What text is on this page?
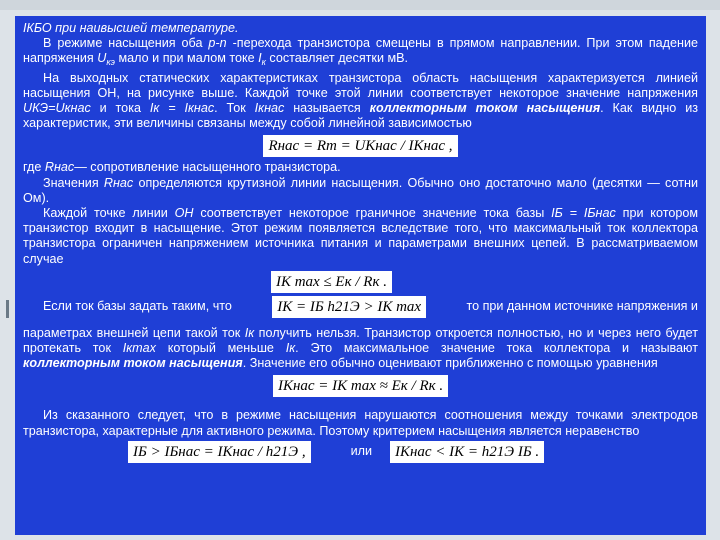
IКБО при наивысшей температуре.

В режиме насыщения оба p-n -перехода транзистора смещены в прямом направлении. При этом падение напряжения $U_{кэ}$ мало и при малом токе $I_к$ составляет десятки мВ.

На выходных статических характеристиках транзистора область насыщения характеризуется линией насыщения ОН, на рисунке выше. Каждой точке этой линии соответствует некоторое значение напряжения UКЭ=Uкнас и тока Iк = Iкнас. Ток Iкнас называется коллекторным током насыщения. Как видно из характеристик, эти величины связаны между собой линейной зависимостью

Rнас = Rт = UКнас / IКнас ,

где Rнас— сопротивление насыщенного транзистора.

Значения Rнас определяются крутизной линии насыщения. Обычно оно достаточно мало (десятки — сотни Ом).

Каждой точке линии ОН соответствует некоторое граничное значение тока базы IБ = IБнас при котором транзистор входит в насыщение. Этот режим появляется вследствие того, что максимальный ток коллектора транзистора ограничен напряжением источника питания и параметрами внешних цепей. В рассматриваемом случае

IК max ≤ Eк / Rк .
Если ток базы задать таким, что	IК = IБ h21Э > IК max	то при данном источнике напряжения и

параметрах внешней цепи такой ток Iк получить нельзя. Транзистор откроется полностью, но и через него будет протекать ток Iкmax который меньше Iк. Это максимальное значение тока коллектора и называют коллекторным током насыщения. Значение его обычно оценивают приближенно с помощью уравнения

IКнас = IК max ≈ Eк / Rк .

Из сказанного следует, что в режиме насыщения нарушаются соотношения между точками электродов транзистора, характерные для активного режима. Поэтому критерием насыщения является неравенство

IБ > IБнас = IКнас / h21Э ,	или	IКнас < IК = h21Э IБ .
